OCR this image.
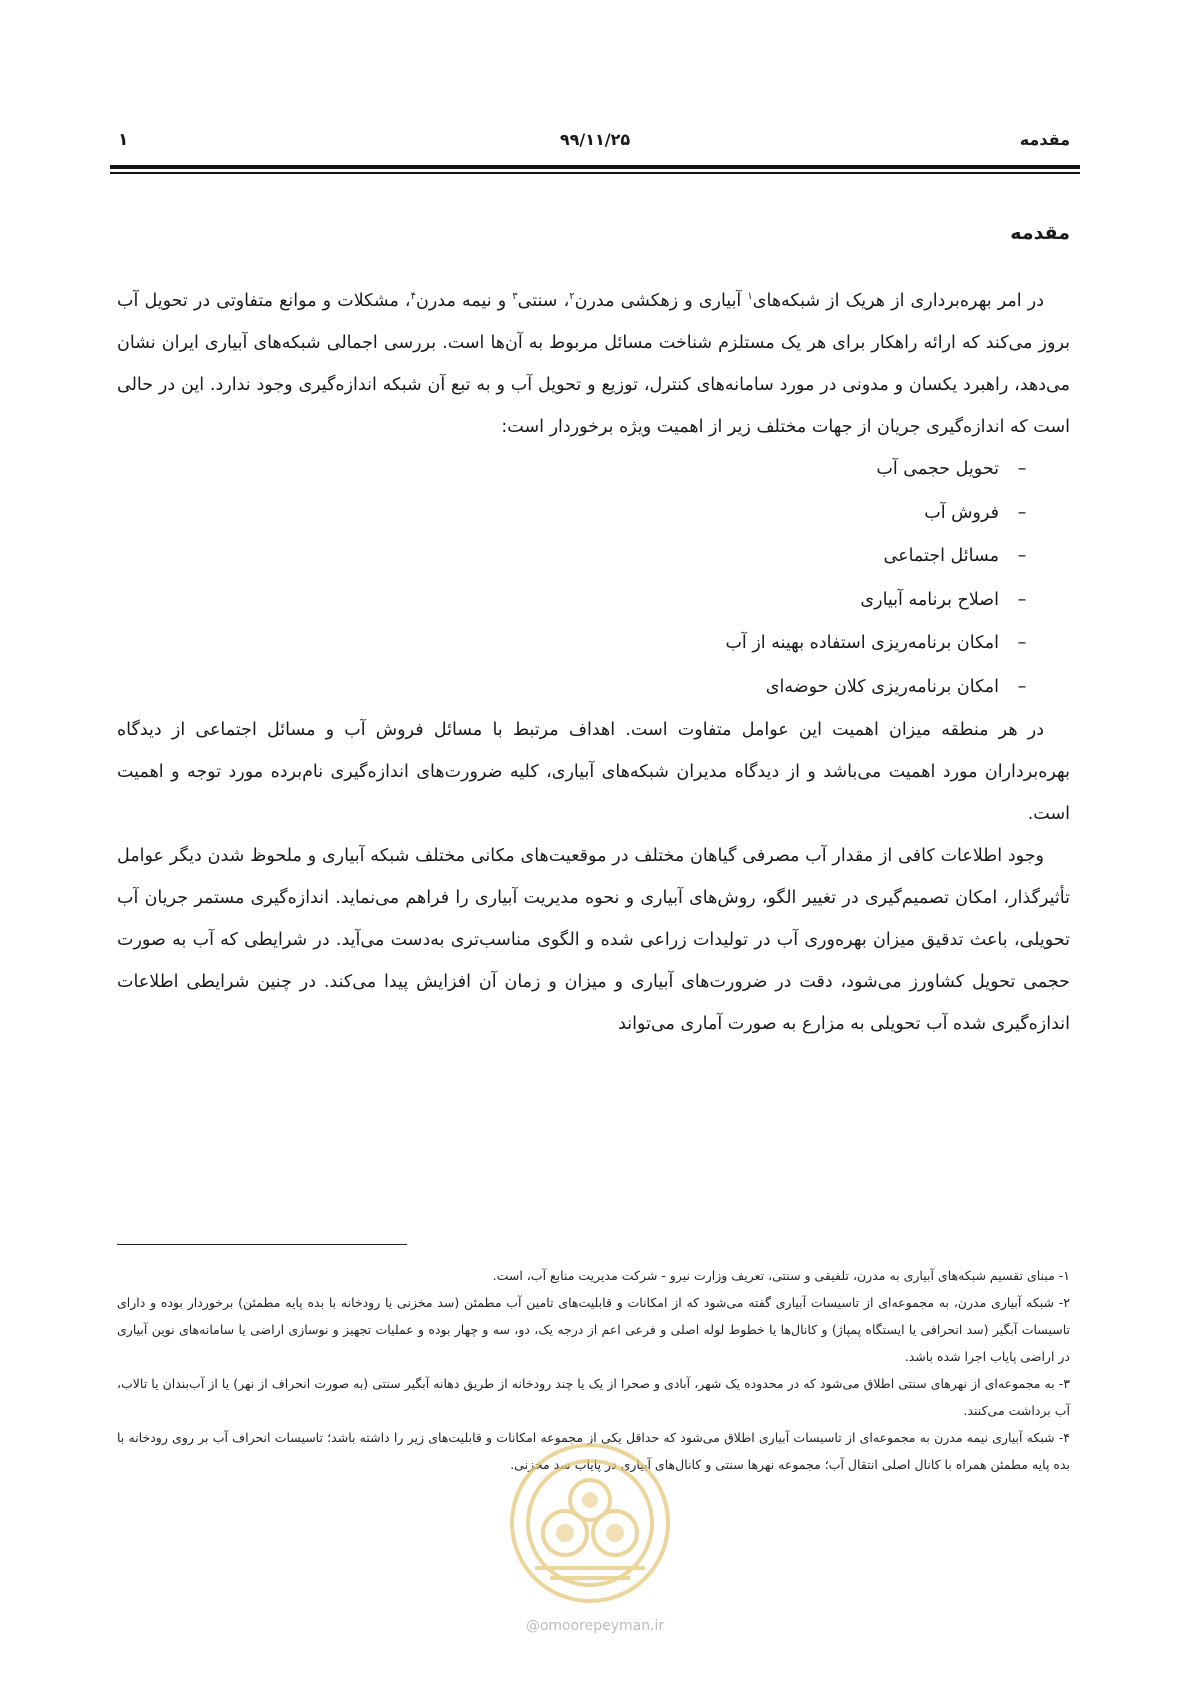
مقدمه
۹۹/۱۱/۲۵
۱
مقدمه

در امر بهره‌برداری از هریک از شبکه‌های$^۱$ آبیاری و زهکشی مدرن$^۲$، سنتی$^۳$ و نیمه مدرن$^۴$، مشکلات و موانع متفاوتی در تحویل آب بروز می‌کند که ارائه راهکار برای هر یک مستلزم شناخت مسائل مربوط به آن‌ها است. بررسی اجمالی شبکه‌های آبیاری ایران نشان می‌دهد، راهبرد یکسان و مدونی در مورد سامانه‌های کنترل، توزیع و تحویل آب و به تبع آن شبکه اندازه‌گیری وجود ندارد. این در حالی است که اندازه‌گیری جریان از جهات مختلف زیر از اهمیت ویژه برخوردار است:

–تحویل حجمی آب
–فروش آب
–مسائل اجتماعی
–اصلاح برنامه آبیاری
–امکان برنامه‌ریزی استفاده بهینه از آب
–امکان برنامه‌ریزی کلان حوضه‌ای

در هر منطقه میزان اهمیت این عوامل متفاوت است. اهداف مرتبط با مسائل فروش آب و مسائل اجتماعی از دیدگاه بهره‌برداران مورد اهمیت می‌باشد و از دیدگاه مدیران شبکه‌های آبیاری، کلیه ضرورت‌های اندازه‌گیری نام‌برده مورد توجه و اهمیت است.

وجود اطلاعات کافی از مقدار آب مصرفی گیاهان مختلف در موقعیت‌های مکانی مختلف شبکه آبیاری و ملحوظ شدن دیگر عوامل تأثیرگذار، امکان تصمیم‌گیری در تغییر الگو، روش‌های آبیاری و نحوه مدیریت آبیاری را فراهم می‌نماید. اندازه‌گیری مستمر جریان آب تحویلی، باعث تدقیق میزان بهره‌وری آب در تولیدات زراعی شده و الگوی مناسب‌تری به‌دست می‌آید. در شرایطی که آب به صورت حجمی تحویل کشاورز می‌شود، دقت در ضرورت‌های آبیاری و میزان و زمان آن افزایش پیدا می‌کند. در چنین شرایطی اطلاعات اندازه‌گیری شده آب تحویلی به مزارع به صورت آماری می‌تواند

۱- مبنای تقسیم شبکه‌های آبیاری به مدرن، تلفیقی و سنتی، تعریف وزارت نیرو - شرکت مدیریت منابع آب، است.

۲- شبکه آبیاری مدرن، به مجموعه‌ای از تاسیسات آبیاری گفته می‌شود که از امکانات و قابلیت‌های تامین آب مطمئن (سد مخزنی یا رودخانه با بده پایه مطمئن) برخوردار بوده و دارای تاسیسات آبگیر (سد انحرافی یا ایستگاه پمپاژ) و کانال‌ها یا خطوط لوله اصلی و فرعی اعم از درجه یک، دو، سه و چهار بوده و عملیات تجهیز و نوسازی اراضی یا سامانه‌های نوین آبیاری در اراضی پایاب اجرا شده باشد.

۳- به مجموعه‌ای از نهرهای سنتی اطلاق می‌شود که در محدوده یک شهر، آبادی و صحرا از یک یا چند رودخانه از طریق دهانه آبگیر سنتی (به صورت انحراف از نهر) یا از آب‌بندان یا تالاب، آب برداشت می‌کنند.

۴- شبکه آبیاری نیمه مدرن به مجموعه‌ای از تاسیسات آبیاری اطلاق می‌شود که حداقل یکی از مجموعه امکانات و قابلیت‌های زیر را داشته باشد؛ تاسیسات انحراف آب بر روی رودخانه با بده پایه مطمئن همراه با کانال اصلی انتقال آب؛ مجموعه نهرها سنتی و کانال‌های آبیاری در پایاب سد مخزنی.

@omoorepeyman.ir
